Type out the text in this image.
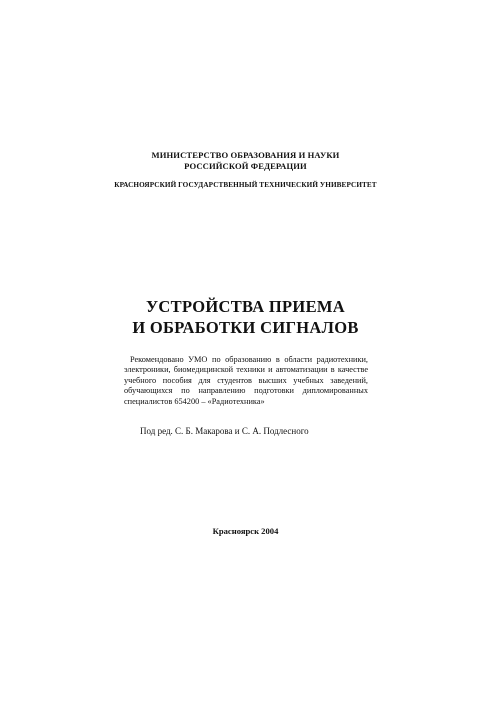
МИНИСТЕРСТВО ОБРАЗОВАНИЯ И НАУКИ
РОССИЙСКОЙ ФЕДЕРАЦИИ
КРАСНОЯРСКИЙ ГОСУДАРСТВЕННЫЙ ТЕХНИЧЕСКИЙ УНИВЕРСИТЕТ
УСТРОЙСТВА ПРИЕМА
И ОБРАБОТКИ СИГНАЛОВ
Рекомендовано УМО по образованию в области радиотехники, электроники, биомедицинской техники и автоматизации в качестве учебного пособия для студентов высших учебных заведений, обучающихся по направлению подготовки дипломированных специалистов 654200 – «Радиотехника»
Под ред. С. Б. Макарова и С. А. Подлесного
Красноярск 2004
